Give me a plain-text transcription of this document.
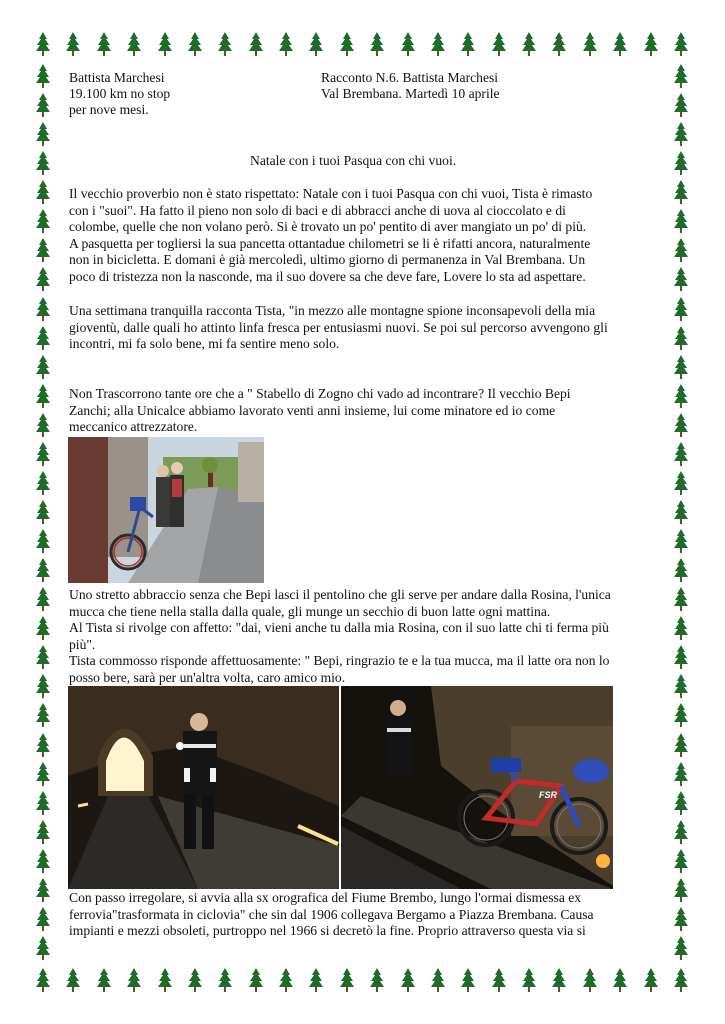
Battista Marchesi
19.100 km no stop
per nove mesi.
Racconto N.6. Battista Marchesi
Val Brembana. Martedì 10 aprile
Natale con i tuoi Pasqua con chi vuoi.
Il vecchio proverbio non è stato rispettato: Natale con i tuoi Pasqua con chi vuoi, Tista è rimasto
con i "suoi". Ha fatto il pieno non solo di baci e di abbracci anche di uova al cioccolato e di
colombe, quelle che non volano però. Si è trovato un po' pentito di aver mangiato un po' di più.
A pasquetta per togliersi la sua pancetta ottantadue chilometri se li è rifatti ancora, naturalmente
non in bicicletta. E domani è già mercoledì, ultimo giorno di permanenza in Val Brembana. Un
poco di tristezza non la nasconde, ma il suo dovere sa che deve fare, Lovere lo sta ad aspettare.
Una settimana tranquilla racconta Tista, "in mezzo alle montagne spione inconsapevoli della mia
gioventù, dalle quali ho attinto linfa fresca per entusiasmi nuovi. Se poi sul percorso avvengono gli
incontri, mi fa solo bene, mi fa sentire meno solo.
Non Trascorrono tante ore che a " Stabello di Zogno chi vado ad incontrare? Il vecchio Bepi
Zanchi; alla Unicalce abbiamo lavorato venti anni insieme, lui come minatore ed io come
meccanico attrezzatore.
Uno stretto abbraccio senza che Bepi lasci il pentolino che gli serve per andare dalla Rosina, l'unica
mucca che tiene nella stalla dalla quale, gli munge un secchio di buon latte ogni mattina.
Al Tista si rivolge con affetto: "dai, vieni anche tu dalla mia Rosina, con il suo latte chi ti ferma più
più".
Tista commosso risponde affettuosamente: " Bepi, ringrazio te e la tua mucca, ma il latte ora non lo
posso bere, sarà per un'altra volta, caro amico mio.
FSR
Con passo irregolare, si avvia alla sx orografica del Fiume Brembo, lungo l'ormai dismessa ex
ferrovia"trasformata in ciclovia" che sin dal 1906 collegava Bergamo a Piazza Brembana. Causa
impianti e mezzi obsoleti, purtroppo nel 1966 si decretò la fine. Proprio attraverso questa via si
